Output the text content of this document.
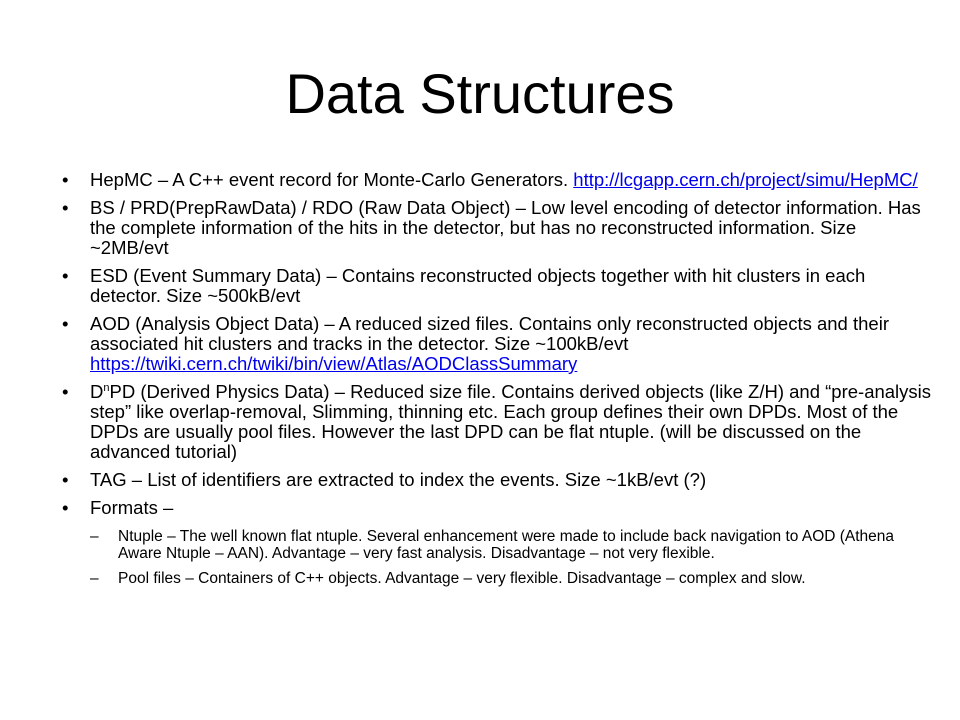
Data Structures
• HepMC – A C++ event record for Monte-Carlo Generators. http://lcgapp.cern.ch/project/simu/HepMC/
• BS / PRD(PrepRawData) / RDO (Raw Data Object) – Low level encoding of detector information. Has the complete information of the hits in the detector, but has no reconstructed information. Size ~2MB/evt
• ESD (Event Summary Data) – Contains reconstructed objects together with hit clusters in each detector. Size ~500kB/evt
• AOD (Analysis Object Data) – A reduced sized files. Contains only reconstructed objects and their associated hit clusters and tracks in the detector. Size ~100kB/evt https://twiki.cern.ch/twiki/bin/view/Atlas/AODClassSummary
• $D^nPD$ (Derived Physics Data) – Reduced size file. Contains derived objects (like Z/H) and “pre-analysis step” like overlap-removal, Slimming, thinning etc. Each group defines their own DPDs. Most of the DPDs are usually pool files. However the last DPD can be flat ntuple. (will be discussed on the advanced tutorial)
• TAG – List of identifiers are extracted to index the events. Size ~1kB/evt (?)
• Formats –
– Ntuple – The well known flat ntuple. Several enhancement were made to include back navigation to AOD (Athena Aware Ntuple – AAN). Advantage – very fast analysis. Disadvantage – not very flexible.
– Pool files – Containers of C++ objects. Advantage – very flexible. Disadvantage – complex and slow.
